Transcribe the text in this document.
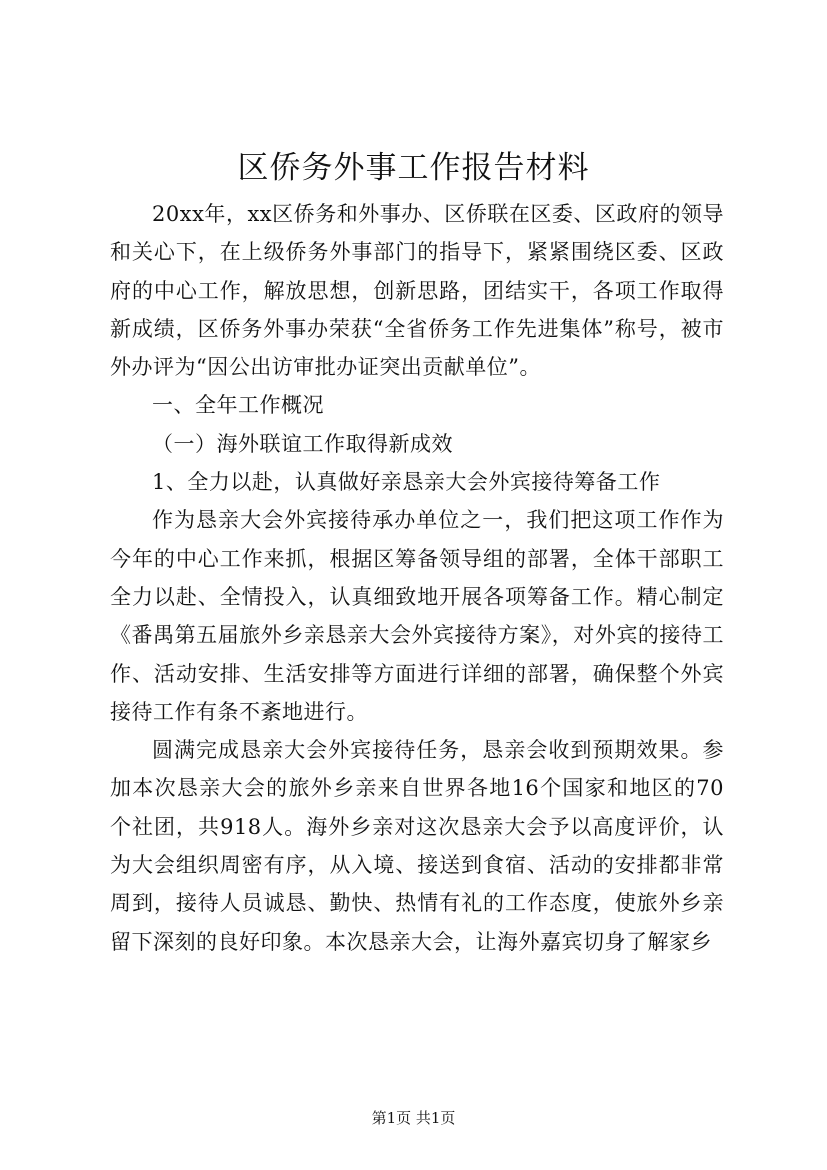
区侨务外事工作报告材料

20xx年，xx区侨务和外事办、区侨联在区委、区政府的领导和关心下，在上级侨务外事部门的指导下，紧紧围绕区委、区政府的中心工作，解放思想，创新思路，团结实干，各项工作取得新成绩，区侨务外事办荣获“全省侨务工作先进集体”称号，被市外办评为“因公出访审批办证突出贡献单位”。

一、全年工作概况

（一）海外联谊工作取得新成效

1、全力以赴，认真做好亲恳亲大会外宾接待筹备工作

作为恳亲大会外宾接待承办单位之一，我们把这项工作作为今年的中心工作来抓，根据区筹备领导组的部署，全体干部职工全力以赴、全情投入，认真细致地开展各项筹备工作。精心制定《番禺第五届旅外乡亲恳亲大会外宾接待方案》，对外宾的接待工作、活动安排、生活安排等方面进行详细的部署，确保整个外宾接待工作有条不紊地进行。

圆满完成恳亲大会外宾接待任务，恳亲会收到预期效果。参加本次恳亲大会的旅外乡亲来自世界各地16个国家和地区的70个社团，共918人。海外乡亲对这次恳亲大会予以高度评价，认为大会组织周密有序，从入境、接送到食宿、活动的安排都非常周到，接待人员诚恳、勤快、热情有礼的工作态度，使旅外乡亲留下深刻的良好印象。本次恳亲大会，让海外嘉宾切身了解家乡

第1页 共1页
